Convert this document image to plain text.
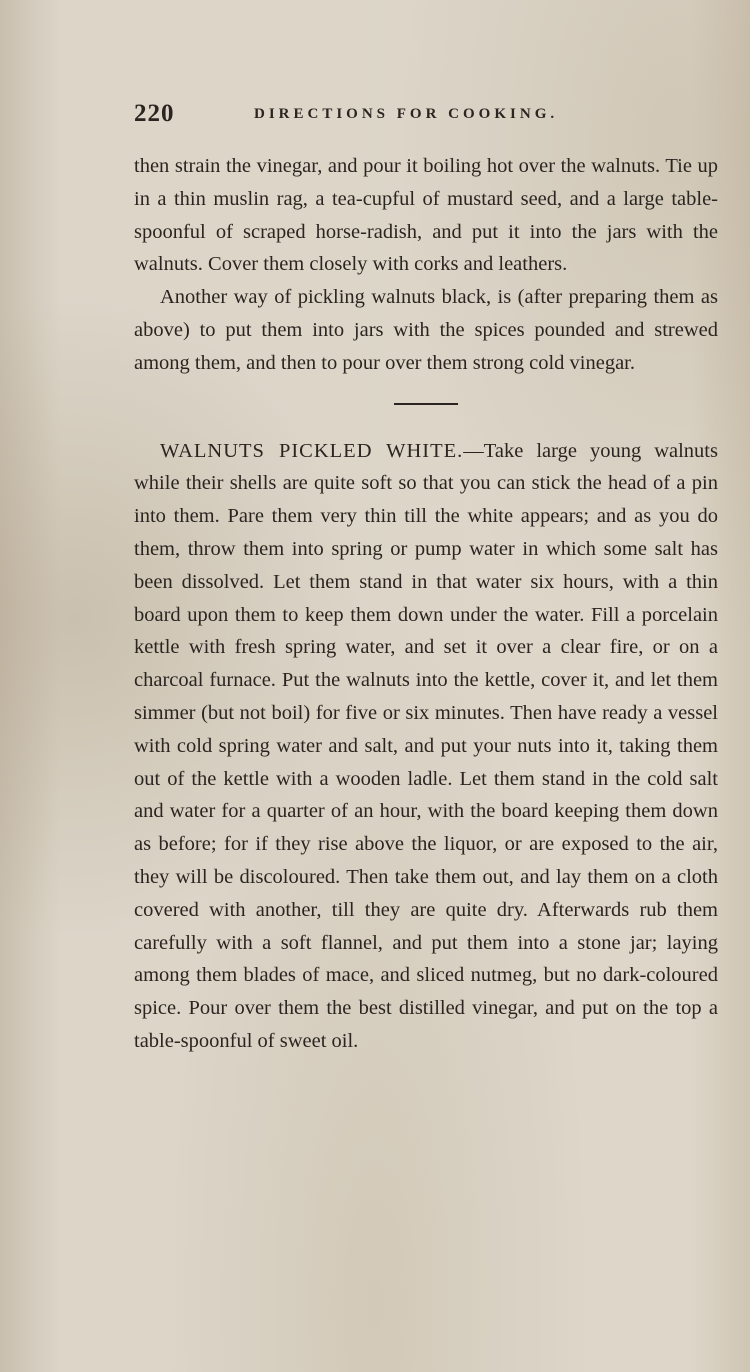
220	DIRECTIONS FOR COOKING.

then strain the vinegar, and pour it boiling hot over the walnuts. Tie up in a thin muslin rag, a tea-cupful of mustard seed, and a large table-spoonful of scraped horse-radish, and put it into the jars with the walnuts. Cover them closely with corks and leathers.

Another way of pickling walnuts black, is (after preparing them as above) to put them into jars with the spices pounded and strewed among them, and then to pour over them strong cold vinegar.

WALNUTS PICKLED WHITE.—Take large young walnuts while their shells are quite soft so that you can stick the head of a pin into them. Pare them very thin till the white appears; and as you do them, throw them into spring or pump water in which some salt has been dissolved. Let them stand in that water six hours, with a thin board upon them to keep them down under the water. Fill a porcelain kettle with fresh spring water, and set it over a clear fire, or on a charcoal furnace. Put the walnuts into the kettle, cover it, and let them simmer (but not boil) for five or six minutes. Then have ready a vessel with cold spring water and salt, and put your nuts into it, taking them out of the kettle with a wooden ladle. Let them stand in the cold salt and water for a quarter of an hour, with the board keeping them down as before; for if they rise above the liquor, or are exposed to the air, they will be discoloured. Then take them out, and lay them on a cloth covered with another, till they are quite dry. Afterwards rub them carefully with a soft flannel, and put them into a stone jar; laying among them blades of mace, and sliced nutmeg, but no dark-coloured spice. Pour over them the best distilled vinegar, and put on the top a table-spoonful of sweet oil.
